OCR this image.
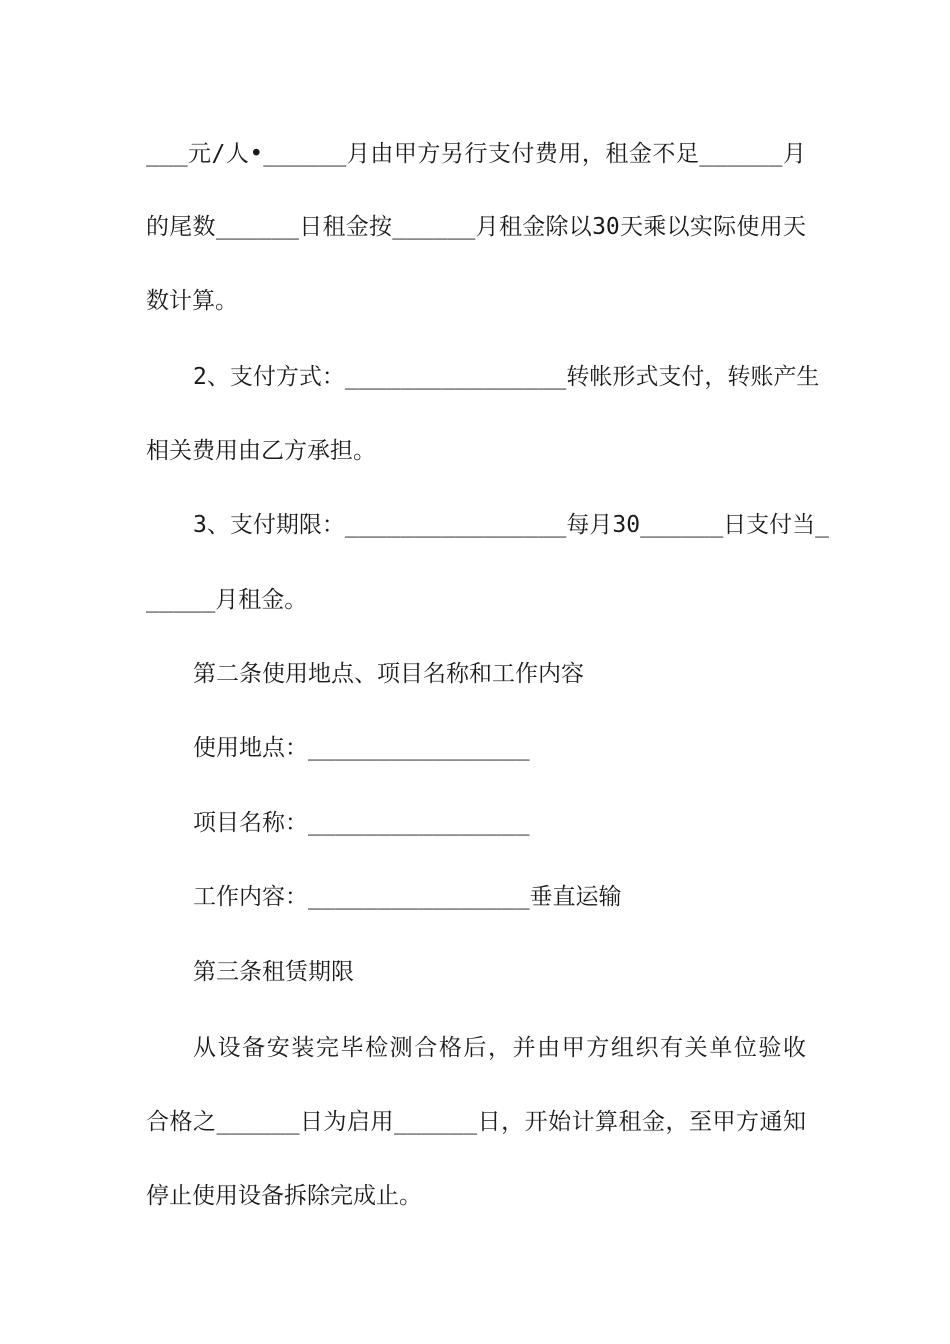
___元/人•______月由甲方另行支付费用，租金不足______月
的尾数______日租金按______月租金除以30天乘以实际使用天
数计算。
2、支付方式：________________转帐形式支付，转账产生
相关费用由乙方承担。
3、支付期限：________________每月30______日支付当_
_____月租金。
第二条使用地点、项目名称和工作内容
使用地点：________________
项目名称：________________
工作内容：________________垂直运输
第三条租赁期限
从设备安装完毕检测合格后，并由甲方组织有关单位验收
合格之______日为启用______日，开始计算租金，至甲方通知
停止使用设备拆除完成止。
